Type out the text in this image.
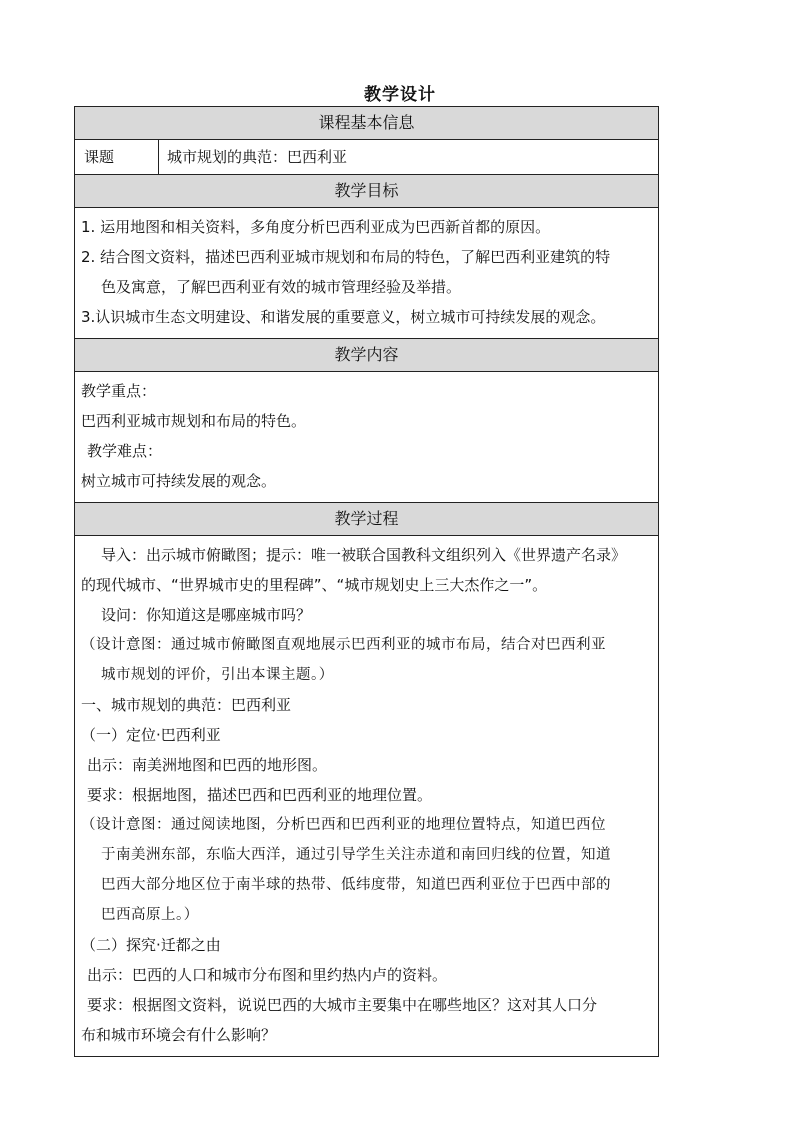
教学设计
课程基本信息
课题	城市规划的典范：巴西利亚
教学目标
1. 运用地图和相关资料，多角度分析巴西利亚成为巴西新首都的原因。
2. 结合图文资料，描述巴西利亚城市规划和布局的特色，了解巴西利亚建筑的特
色及寓意，了解巴西利亚有效的城市管理经验及举措。
3.认识城市生态文明建设、和谐发展的重要意义，树立城市可持续发展的观念。
教学内容
教学重点：
巴西利亚城市规划和布局的特色。
教学难点：
树立城市可持续发展的观念。
教学过程
导入：出示城市俯瞰图；提示：唯一被联合国教科文组织列入《世界遗产名录》
的现代城市、“世界城市史的里程碑”、“城市规划史上三大杰作之一”。
设问：你知道这是哪座城市吗？
（设计意图：通过城市俯瞰图直观地展示巴西利亚的城市布局，结合对巴西利亚
城市规划的评价，引出本课主题。）
一、城市规划的典范：巴西利亚
（一）定位·巴西利亚
出示：南美洲地图和巴西的地形图。
要求：根据地图，描述巴西和巴西利亚的地理位置。
（设计意图：通过阅读地图，分析巴西和巴西利亚的地理位置特点，知道巴西位
于南美洲东部，东临大西洋，通过引导学生关注赤道和南回归线的位置，知道
巴西大部分地区位于南半球的热带、低纬度带，知道巴西利亚位于巴西中部的
巴西高原上。）
（二）探究·迁都之由
出示：巴西的人口和城市分布图和里约热内卢的资料。
要求：根据图文资料，说说巴西的大城市主要集中在哪些地区？这对其人口分
布和城市环境会有什么影响？
